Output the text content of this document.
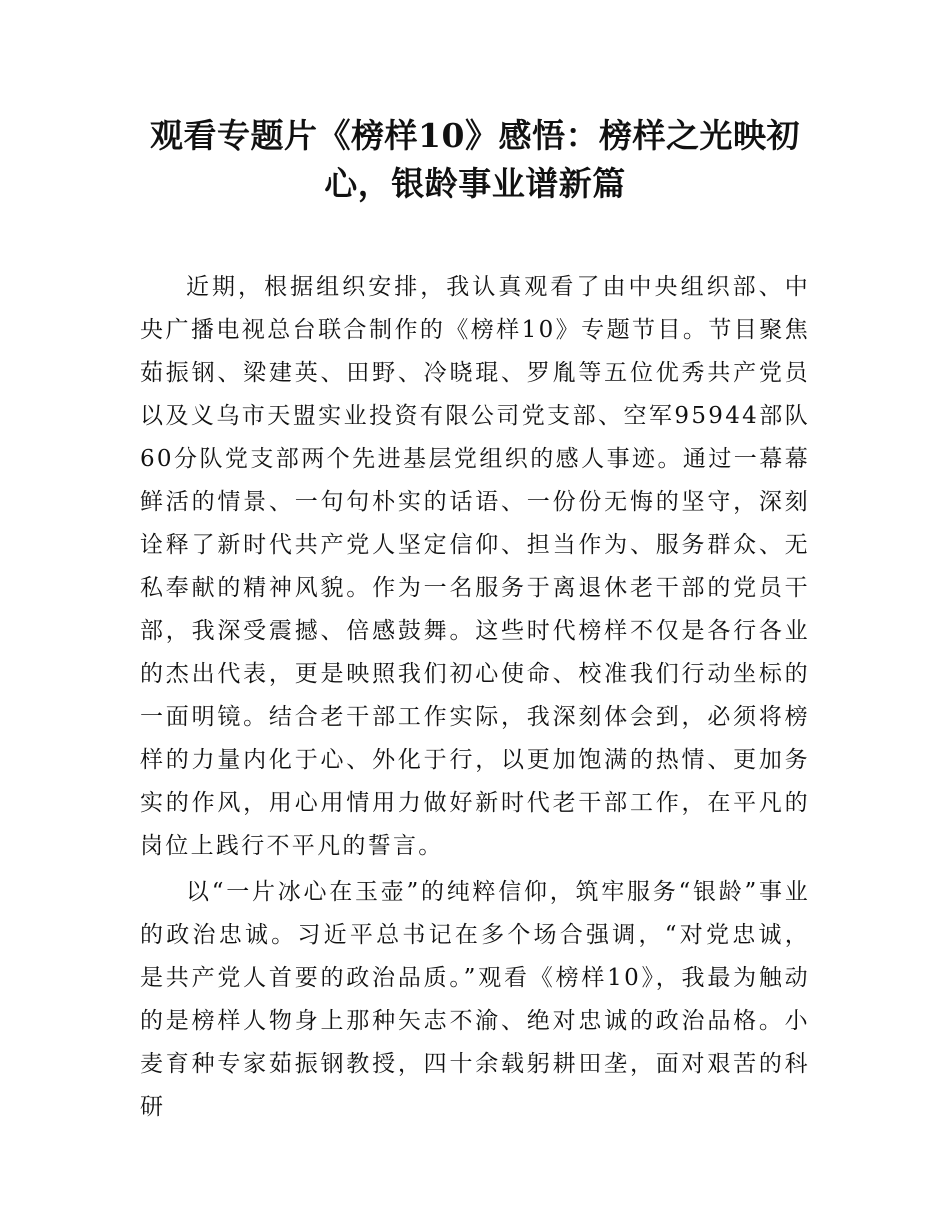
观看专题片《榜样10》感悟：榜样之光映初心，银龄事业谱新篇

近期，根据组织安排，我认真观看了由中央组织部、中央广播电视总台联合制作的《榜样10》专题节目。节目聚焦茹振钢、梁建英、田野、冷晓琨、罗胤等五位优秀共产党员以及义乌市天盟实业投资有限公司党支部、空军95944部队60分队党支部两个先进基层党组织的感人事迹。通过一幕幕鲜活的情景、一句句朴实的话语、一份份无悔的坚守，深刻诠释了新时代共产党人坚定信仰、担当作为、服务群众、无私奉献的精神风貌。作为一名服务于离退休老干部的党员干部，我深受震撼、倍感鼓舞。这些时代榜样不仅是各行各业的杰出代表，更是映照我们初心使命、校准我们行动坐标的一面明镜。结合老干部工作实际，我深刻体会到，必须将榜样的力量内化于心、外化于行，以更加饱满的热情、更加务实的作风，用心用情用力做好新时代老干部工作，在平凡的岗位上践行不平凡的誓言。

以“一片冰心在玉壶”的纯粹信仰，筑牢服务“银龄”事业的政治忠诚。习近平总书记在多个场合强调，“对党忠诚，是共产党人首要的政治品质。”观看《榜样10》，我最为触动的是榜样人物身上那种矢志不渝、绝对忠诚的政治品格。小麦育种专家茹振钢教授，四十余载躬耕田垄，面对艰苦的科研
